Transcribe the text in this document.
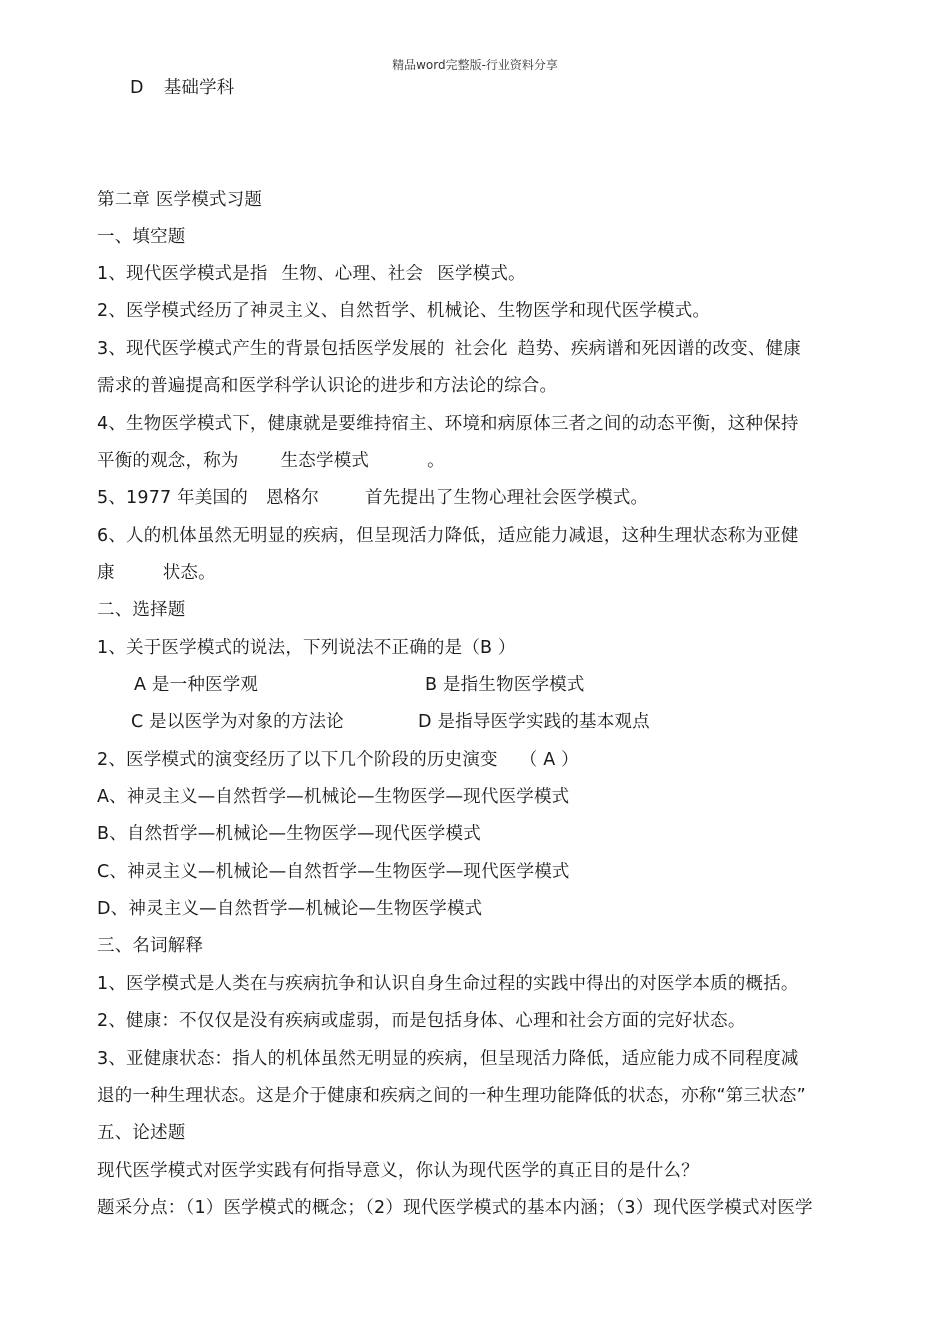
精品word完整版-行业资料分享
D 基础学科
第二章 医学模式习题
一、填空题
1、现代医学模式是指 生物、心理、社会 医学模式。
2、医学模式经历了神灵主义、自然哲学、机械论、生物医学和现代医学模式。
3、现代医学模式产生的背景包括医学发展的 社会化 趋势、疾病谱和死因谱的改变、健康
需求的普遍提高和医学科学认识论的进步和方法论的综合。
4、生物医学模式下，健康就是要维持宿主、环境和病原体三者之间的动态平衡，这种保持
平衡的观念，称为 生态学模式	。
5、1977 年美国的 恩格尔	首先提出了生物心理社会医学模式。
6、人的机体虽然无明显的疾病，但呈现活力降低，适应能力减退，这种生理状态称为亚健
康	状态。
二、选择题
1、关于医学模式的说法，下列说法不正确的是（B ）
A 是一种医学观	B 是指生物医学模式
C 是以医学为对象的方法论	D 是指导医学实践的基本观点
2、医学模式的演变经历了以下几个阶段的历史演变 （ A ）
A、神灵主义—自然哲学—机械论—生物医学—现代医学模式
B、自然哲学—机械论—生物医学—现代医学模式
C、神灵主义—机械论—自然哲学—生物医学—现代医学模式
D、神灵主义—自然哲学—机械论—生物医学模式
三、名词解释
1、医学模式是人类在与疾病抗争和认识自身生命过程的实践中得出的对医学本质的概括。
2、健康：不仅仅是没有疾病或虚弱，而是包括身体、心理和社会方面的完好状态。
3、亚健康状态：指人的机体虽然无明显的疾病，但呈现活力降低，适应能力成不同程度减
退的一种生理状态。这是介于健康和疾病之间的一种生理功能降低的状态，亦称“第三状态”
五、论述题
现代医学模式对医学实践有何指导意义，你认为现代医学的真正目的是什么？
题采分点：（1）医学模式的概念；（2）现代医学模式的基本内涵；（3）现代医学模式对医学
